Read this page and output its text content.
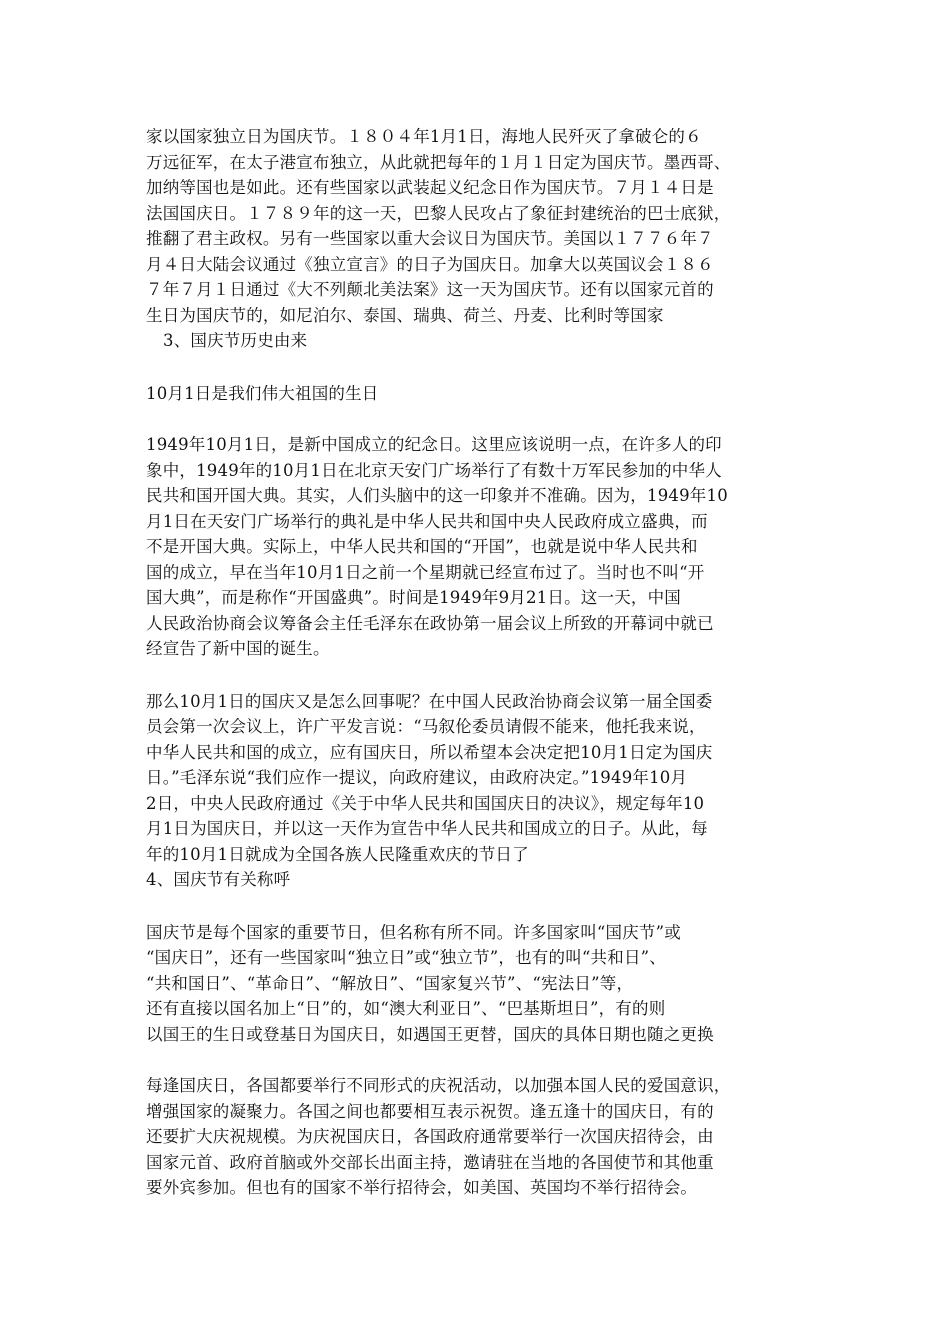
家以国家独立日为国庆节。１８０４年1月1日，海地人民歼灭了拿破仑的６
万远征军，在太子港宣布独立，从此就把每年的１月１日定为国庆节。墨西哥、
加纳等国也是如此。还有些国家以武装起义纪念日作为国庆节。７月１４日是
法国国庆日。１７８９年的这一天，巴黎人民攻占了象征封建统治的巴士底狱，
推翻了君主政权。另有一些国家以重大会议日为国庆节。美国以１７７６年７
月４日大陆会议通过《独立宣言》的日子为国庆日。加拿大以英国议会１８６
７年７月１日通过《大不列颠北美法案》这一天为国庆节。还有以国家元首的
生日为国庆节的，如尼泊尔、泰国、瑞典、荷兰、丹麦、比利时等国家

3、国庆节历史由来

10月1日是我们伟大祖国的生日

1949年10月1日，是新中国成立的纪念日。这里应该说明一点，在许多人的印
象中，1949年的10月1日在北京天安门广场举行了有数十万军民参加的中华人
民共和国开国大典。其实，人们头脑中的这一印象并不准确。因为，1949年10
月1日在天安门广场举行的典礼是中华人民共和国中央人民政府成立盛典，而
不是开国大典。实际上，中华人民共和国的“开国”，也就是说中华人民共和
国的成立，早在当年10月1日之前一个星期就已经宣布过了。当时也不叫“开
国大典”，而是称作“开国盛典”。时间是1949年9月21日。这一天，中国
人民政治协商会议筹备会主任毛泽东在政协第一届会议上所致的开幕词中就已
经宣告了新中国的诞生。

那么10月1日的国庆又是怎么回事呢？在中国人民政治协商会议第一届全国委
员会第一次会议上，许广平发言说：“马叙伦委员请假不能来，他托我来说，
中华人民共和国的成立，应有国庆日，所以希望本会决定把10月1日定为国庆
日。”毛泽东说“我们应作一提议，向政府建议，由政府决定。”1949年10月
2日，中央人民政府通过《关于中华人民共和国国庆日的决议》，规定每年10
月1日为国庆日，并以这一天作为宣告中华人民共和国成立的日子。从此，每
年的10月1日就成为全国各族人民隆重欢庆的节日了

4、国庆节有关称呼

国庆节是每个国家的重要节日，但名称有所不同。许多国家叫“国庆节”或
“国庆日”，还有一些国家叫“独立日”或“独立节”，也有的叫“共和日”、
“共和国日”、“革命日”、“解放日”、“国家复兴节”、“宪法日”等，
还有直接以国名加上“日”的，如“澳大利亚日”、“巴基斯坦日”，有的则
以国王的生日或登基日为国庆日，如遇国王更替，国庆的具体日期也随之更换

每逢国庆日，各国都要举行不同形式的庆祝活动，以加强本国人民的爱国意识，
增强国家的凝聚力。各国之间也都要相互表示祝贺。逢五逢十的国庆日，有的
还要扩大庆祝规模。为庆祝国庆日，各国政府通常要举行一次国庆招待会，由
国家元首、政府首脑或外交部长出面主持，邀请驻在当地的各国使节和其他重
要外宾参加。但也有的国家不举行招待会，如美国、英国均不举行招待会。
